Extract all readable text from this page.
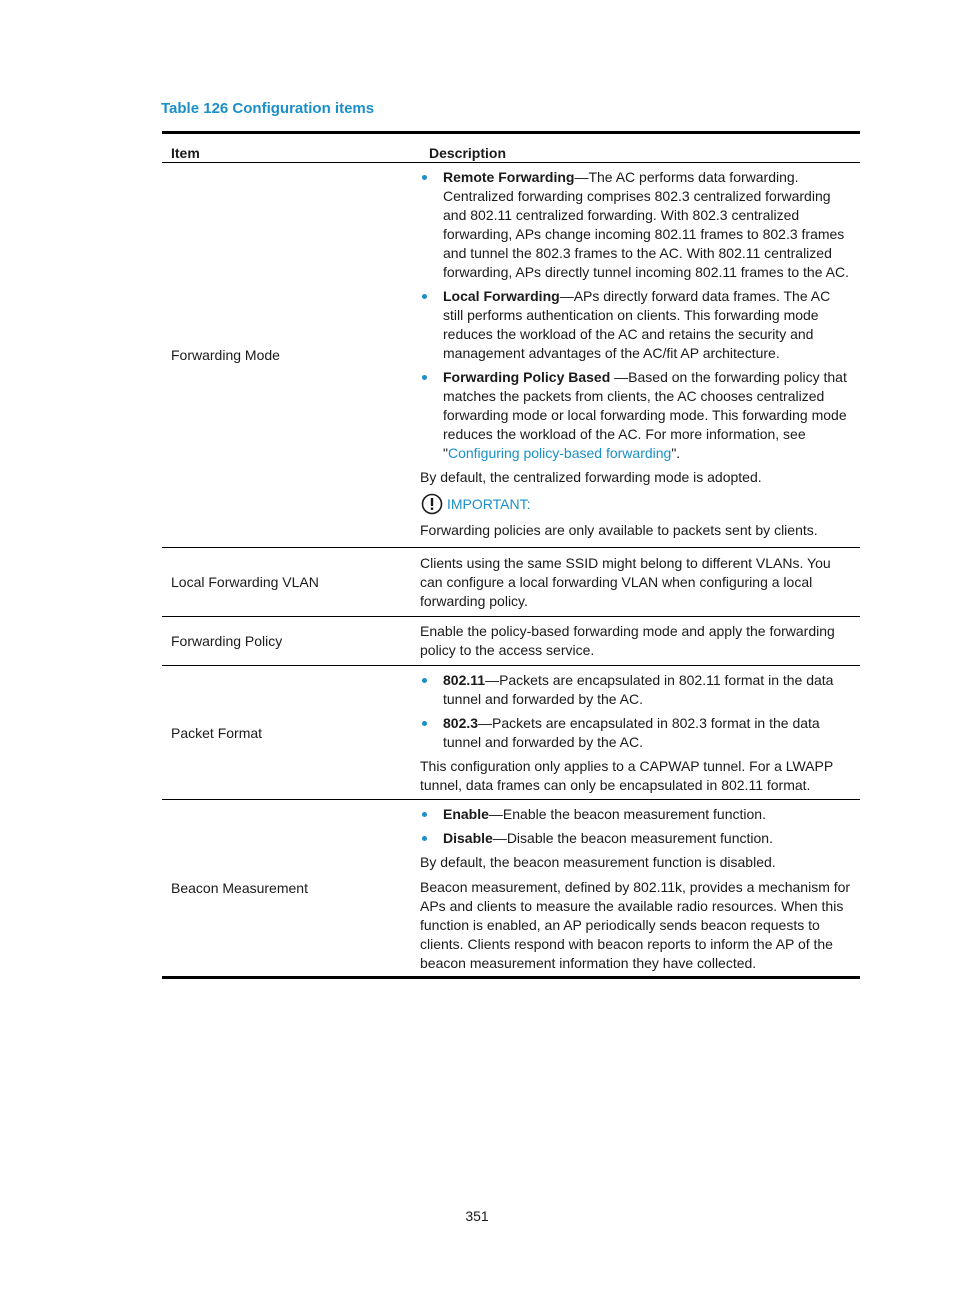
Table 126 Configuration items
Item	Description
Forwarding Mode
Remote Forwarding—The AC performs data forwarding. Centralized forwarding comprises 802.3 centralized forwarding and 802.11 centralized forwarding. With 802.3 centralized forwarding, APs change incoming 802.11 frames to 802.3 frames and tunnel the 802.3 frames to the AC. With 802.11 centralized forwarding, APs directly tunnel incoming 802.11 frames to the AC.
Local Forwarding—APs directly forward data frames. The AC still performs authentication on clients. This forwarding mode reduces the workload of the AC and retains the security and management advantages of the AC/fit AP architecture.
Forwarding Policy Based —Based on the forwarding policy that matches the packets from clients, the AC chooses centralized forwarding mode or local forwarding mode. This forwarding mode reduces the workload of the AC. For more information, see "Configuring policy-based forwarding".
By default, the centralized forwarding mode is adopted.
IMPORTANT:
Forwarding policies are only available to packets sent by clients.
Local Forwarding VLAN
Clients using the same SSID might belong to different VLANs. You can configure a local forwarding VLAN when configuring a local forwarding policy.
Forwarding Policy
Enable the policy-based forwarding mode and apply the forwarding policy to the access service.
Packet Format
802.11—Packets are encapsulated in 802.11 format in the data tunnel and forwarded by the AC.
802.3—Packets are encapsulated in 802.3 format in the data tunnel and forwarded by the AC.
This configuration only applies to a CAPWAP tunnel. For a LWAPP tunnel, data frames can only be encapsulated in 802.11 format.
Beacon Measurement
Enable—Enable the beacon measurement function.
Disable—Disable the beacon measurement function.
By default, the beacon measurement function is disabled.
Beacon measurement, defined by 802.11k, provides a mechanism for APs and clients to measure the available radio resources. When this function is enabled, an AP periodically sends beacon requests to clients. Clients respond with beacon reports to inform the AP of the beacon measurement information they have collected.
351
